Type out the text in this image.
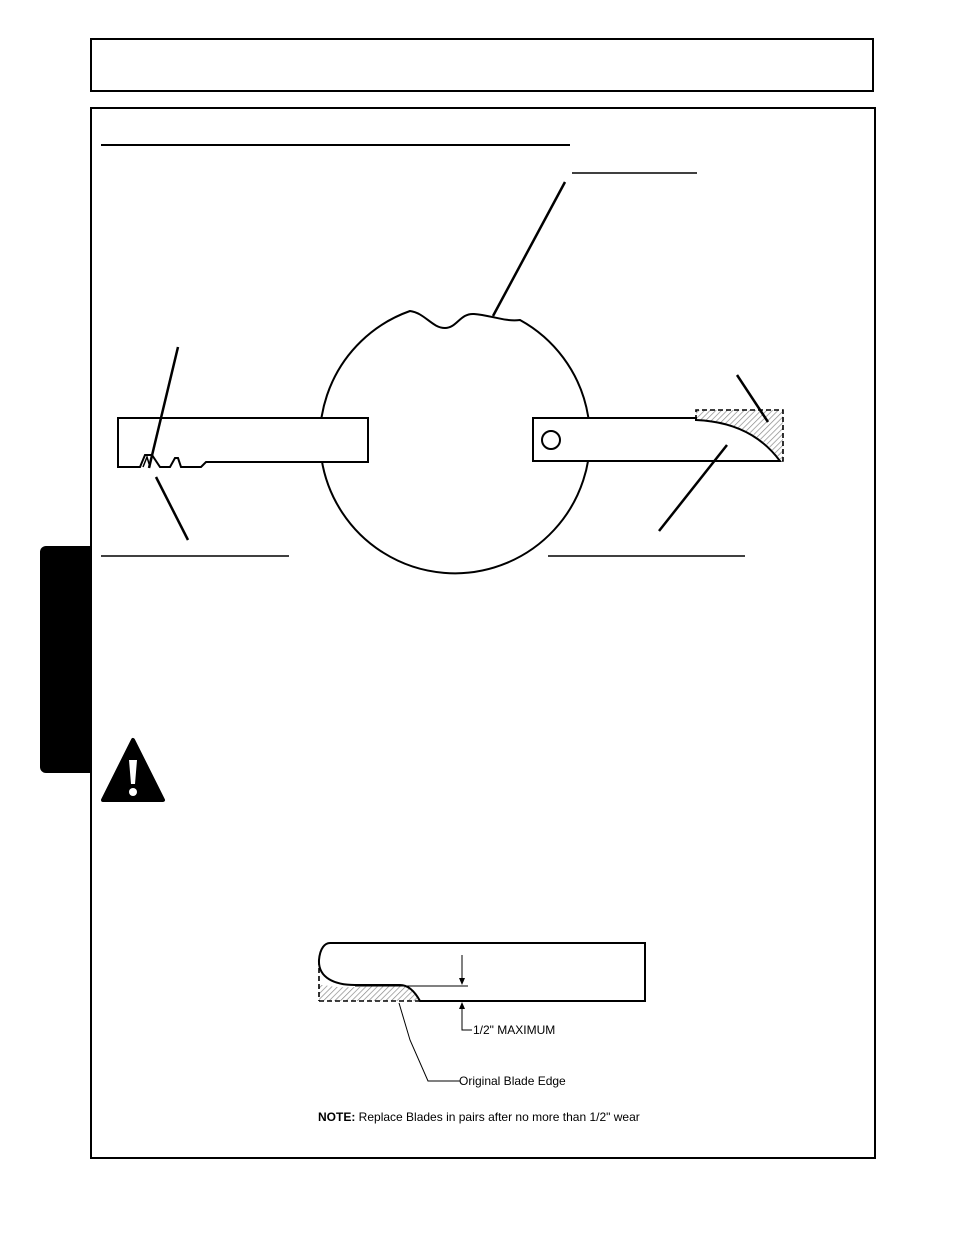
1/2" MAXIMUM
Original Blade Edge
NOTE: Replace Blades in pairs after no more than 1/2" wear
